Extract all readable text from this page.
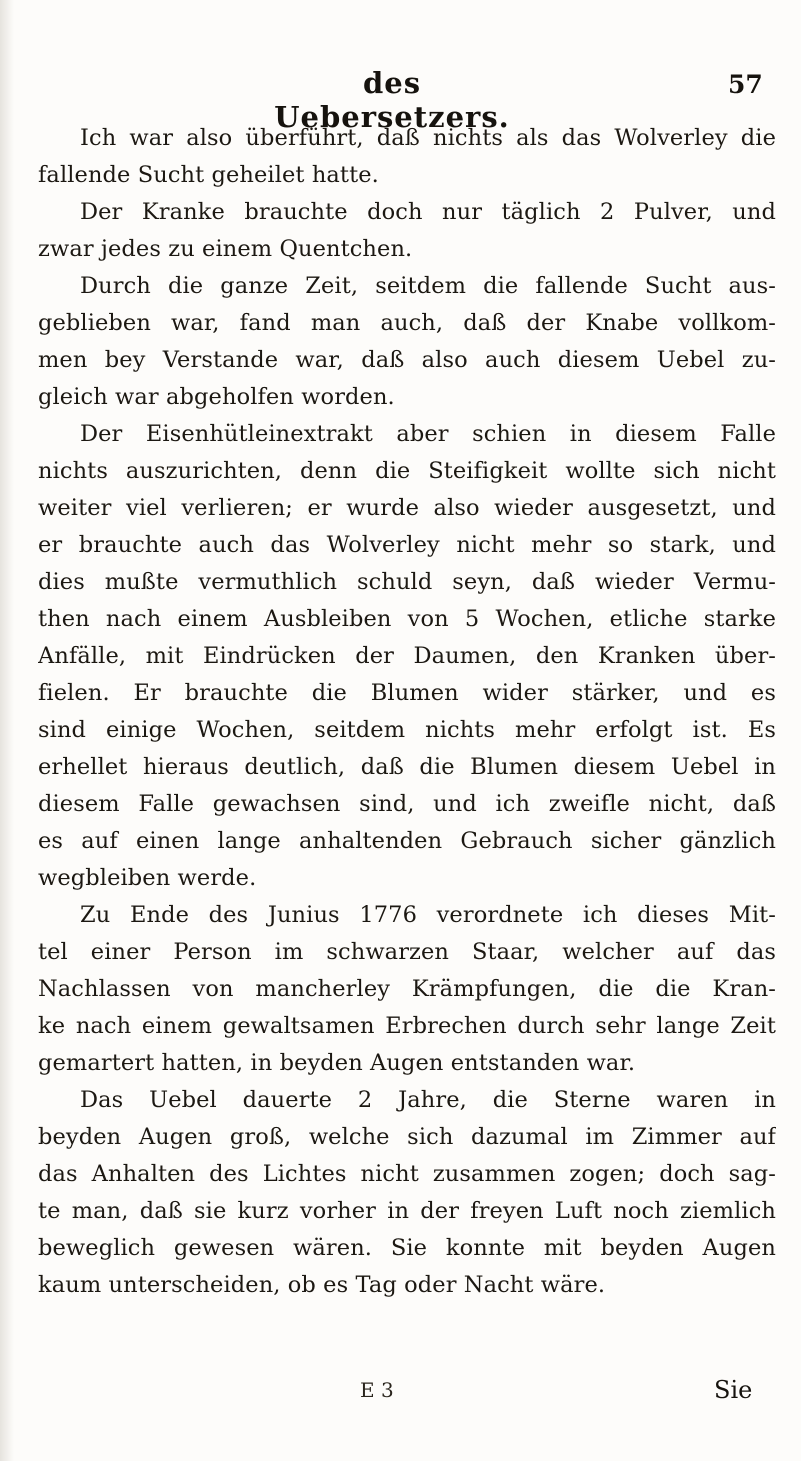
des Uebersetzers.
57
Ich war also überführt, daß nichts als das Wolverley die
fallende Sucht geheilet hatte.
Der Kranke brauchte doch nur täglich 2 Pulver, und
zwar jedes zu einem Quentchen.
Durch die ganze Zeit, seitdem die fallende Sucht aus-
geblieben war, fand man auch, daß der Knabe vollkom-
men bey Verstande war, daß also auch diesem Uebel zu-
gleich war abgeholfen worden.
Der Eisenhütleinextrakt aber schien in diesem Falle
nichts auszurichten, denn die Steifigkeit wollte sich nicht
weiter viel verlieren; er wurde also wieder ausgesetzt, und
er brauchte auch das Wolverley nicht mehr so stark, und
dies mußte vermuthlich schuld seyn, daß wieder Vermu-
then nach einem Ausbleiben von 5 Wochen, etliche starke
Anfälle, mit Eindrücken der Daumen, den Kranken über-
fielen. Er brauchte die Blumen wider stärker, und es
sind einige Wochen, seitdem nichts mehr erfolgt ist. Es
erhellet hieraus deutlich, daß die Blumen diesem Uebel in
diesem Falle gewachsen sind, und ich zweifle nicht, daß
es auf einen lange anhaltenden Gebrauch sicher gänzlich
wegbleiben werde.
Zu Ende des Junius 1776 verordnete ich dieses Mit-
tel einer Person im schwarzen Staar, welcher auf das
Nachlassen von mancherley Krämpfungen, die die Kran-
ke nach einem gewaltsamen Erbrechen durch sehr lange Zeit
gemartert hatten, in beyden Augen entstanden war.
Das Uebel dauerte 2 Jahre, die Sterne waren in
beyden Augen groß, welche sich dazumal im Zimmer auf
das Anhalten des Lichtes nicht zusammen zogen; doch sag-
te man, daß sie kurz vorher in der freyen Luft noch ziemlich
beweglich gewesen wären. Sie konnte mit beyden Augen
kaum unterscheiden, ob es Tag oder Nacht wäre.
E 3	Sie
